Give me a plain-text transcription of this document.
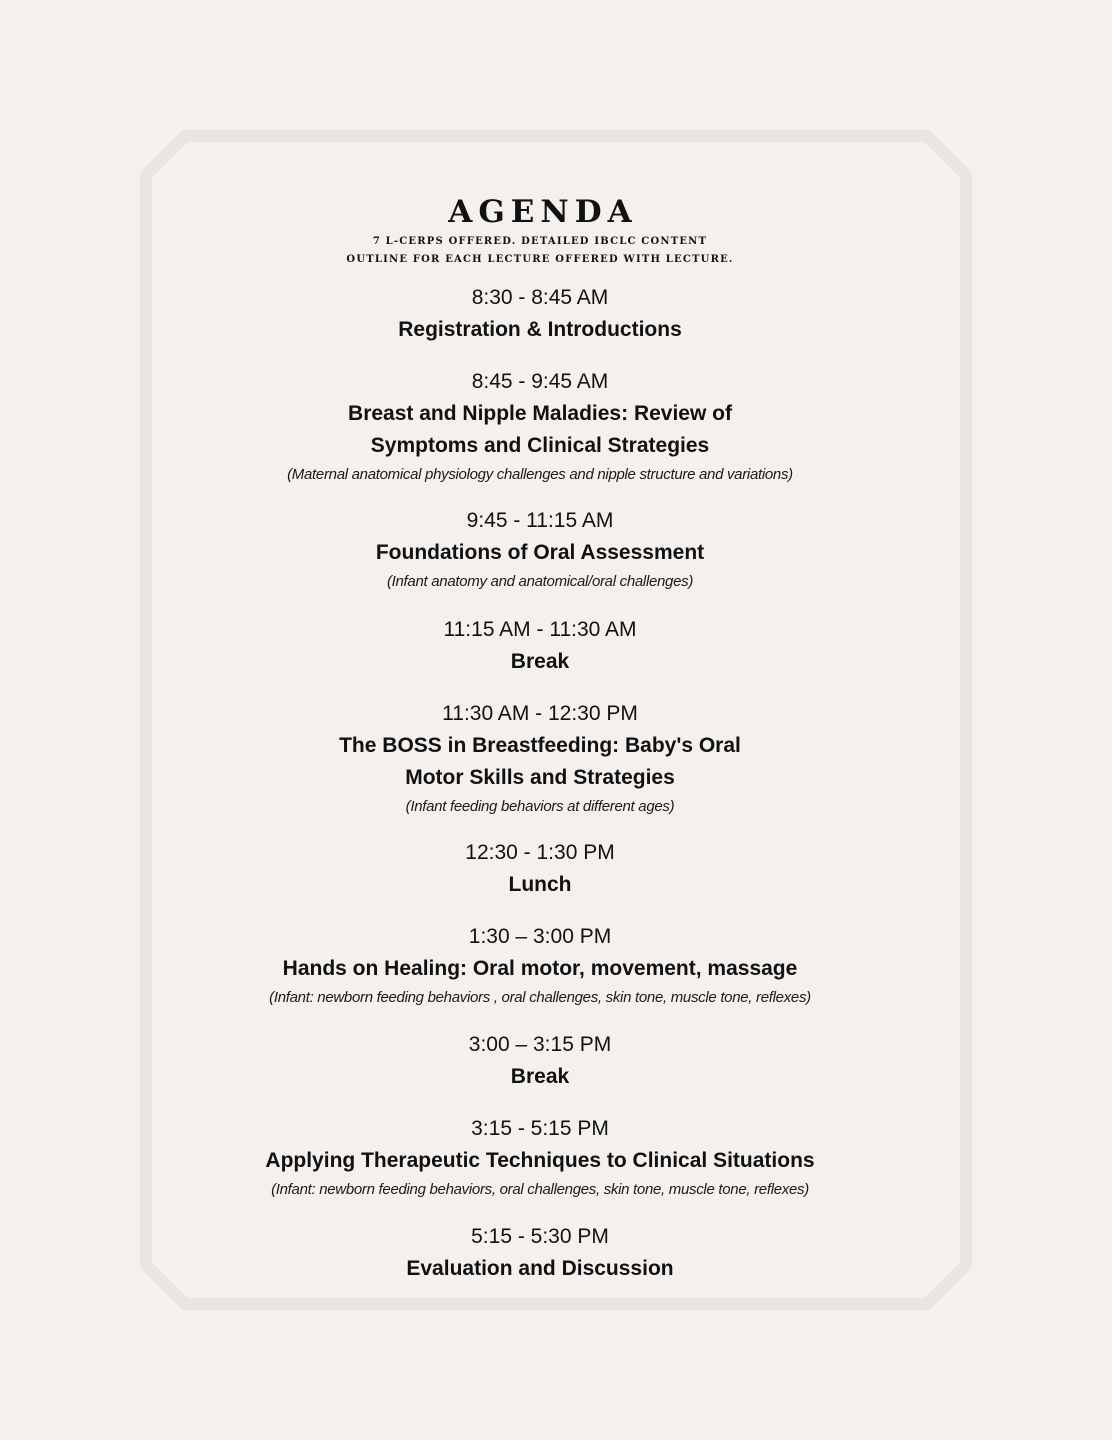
AGENDA
7 L-CERPS OFFERED. DETAILED IBCLC CONTENT
OUTLINE FOR EACH LECTURE OFFERED WITH LECTURE.
8:30 - 8:45 AM
Registration & Introductions
8:45 - 9:45 AM
Breast and Nipple Maladies: Review of
Symptoms and Clinical Strategies
(Maternal anatomical physiology challenges and nipple structure and variations)
9:45 - 11:15 AM
Foundations of Oral Assessment
(Infant anatomy and anatomical/oral challenges)
11:15 AM - 11:30 AM
Break
11:30 AM - 12:30 PM
The BOSS in Breastfeeding: Baby's Oral
Motor Skills and Strategies
(Infant feeding behaviors at different ages)
12:30 - 1:30 PM
Lunch
1:30 – 3:00 PM
Hands on Healing: Oral motor, movement, massage
(Infant: newborn feeding behaviors , oral challenges, skin tone, muscle tone, reflexes)
3:00 – 3:15 PM
Break
3:15 - 5:15 PM
Applying Therapeutic Techniques to Clinical Situations
(Infant: newborn feeding behaviors, oral challenges, skin tone, muscle tone, reflexes)
5:15 - 5:30 PM
Evaluation and Discussion
